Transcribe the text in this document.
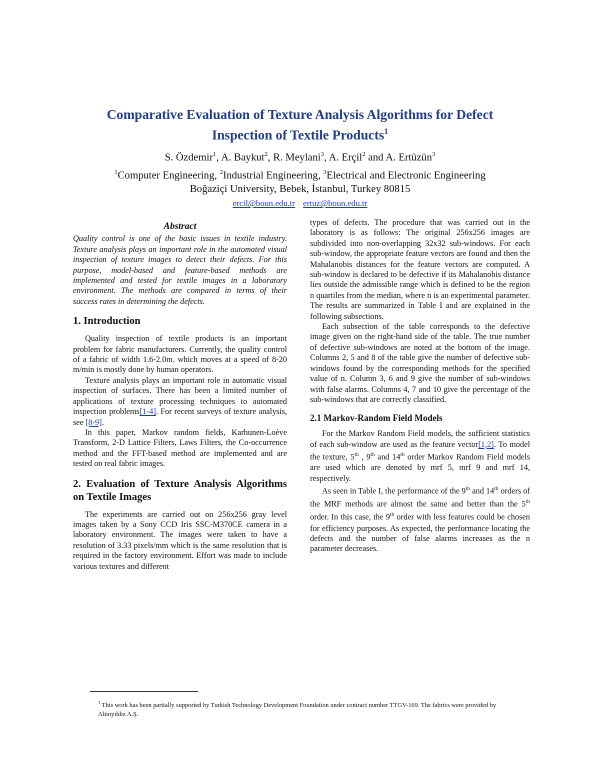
Comparative Evaluation of Texture Analysis Algorithms for Defect
Inspection of Textile Products$^1$
S. Özdemir$^1$, A. Baykut$^2$, R. Meylani$^3$, A. Erçil$^2$ and A. Ertüzün$^3$
$^1$Computer Engineering, $^2$Industrial Engineering, $^3$Electrical and Electronic Engineering
Boğaziçi University, Bebek, İstanbul, Turkey 80815
ercil@boun.edu.tr ertuz@boun.edu.tr
Abstract

Quality control is one of the basic issues in textile industry. Texture analysis plays an important role in the automated visual inspection of texture images to detect their defects. For this purpose, model-based and feature-based methods are implemented and tested for textile images in a laboratory environment. The methods are compared in terms of their success rates in determining the defects.

1. Introduction

Quality inspection of textile products is an important problem for fabric manufacturers. Currently, the quality control of a fabric of width 1.6-2.0m. which moves at a speed of 8-20 m/min is mostly done by human operators.

Texture analysis plays an important role in automatic visual inspection of surfaces. There has been a limited number of applications of texture processing techniques to automated inspection problems[1-4]. For recent surveys of texture analysis, see [8-9].

In this paper, Markov random fields, Karhunen-Loève Transform, 2-D Lattice Filters, Laws Filters, the Co-occurrence method and the FFT-based method are implemented and are tested on real fabric images.

2. Evaluation of Texture Analysis Algorithms on Textile Images

The experiments are carried out on 256x256 gray level images taken by a Sony CCD Iris SSC-M370CE camera in a laboratory environment. The images were taken to have a resolution of 3.33 pixels/mm which is the same resolution that is required in the factory environment. Effort was made to include various textures and different

types of defects. The procedure that was carried out in the laboratory is as follows: The original 256x256 images are subdivided into non-overlapping 32x32 sub-windows. For each sub-window, the appropriate feature vectors are found and then the Mahalanobis distances for the feature vectors are computed. A sub-window is declared to be defective if its Mahalanobis distance lies outside the admissible range which is defined to be the region n quartiles from the median, where n is an experimental parameter. The results are summarized in Table I and are explained in the following subsections.

Each subsection of the table corresponds to the defective image given on the right-hand side of the table. The true number of defective sub-windows are noted at the bottom of the image. Columns 2, 5 and 8 of the table give the number of defective sub-windows found by the corresponding methods for the specified value of n. Column 3, 6 and 9 give the number of sub-windows with false alarms. Columns 4, 7 and 10 give the percentage of the sub-windows that are correctly classified.

2.1 Markov-Random Field Models

For the Markov Random Field models, the sufficient statistics of each sub-window are used as the feature vector[1,2]. To model the texture, 5th , 9th and 14th order Markov Random Field models are used which are denoted by mrf 5, mrf 9 and mrf 14, respectively.

As seen in Table I, the performance of the 9th and 14th orders of the MRF methods are almost the same and better than the 5th order. In this case, the 9th order with less features could be chosen for efficiency purposes. As expected, the performance locating the defects and the number of false alarms increases as the n parameter decreases.

$^1$ This work has been partially supported by Turkish Technology Development Foundation under contract number TTGV-169. The fabrics were provided by Altınyıldız A.Ş.
